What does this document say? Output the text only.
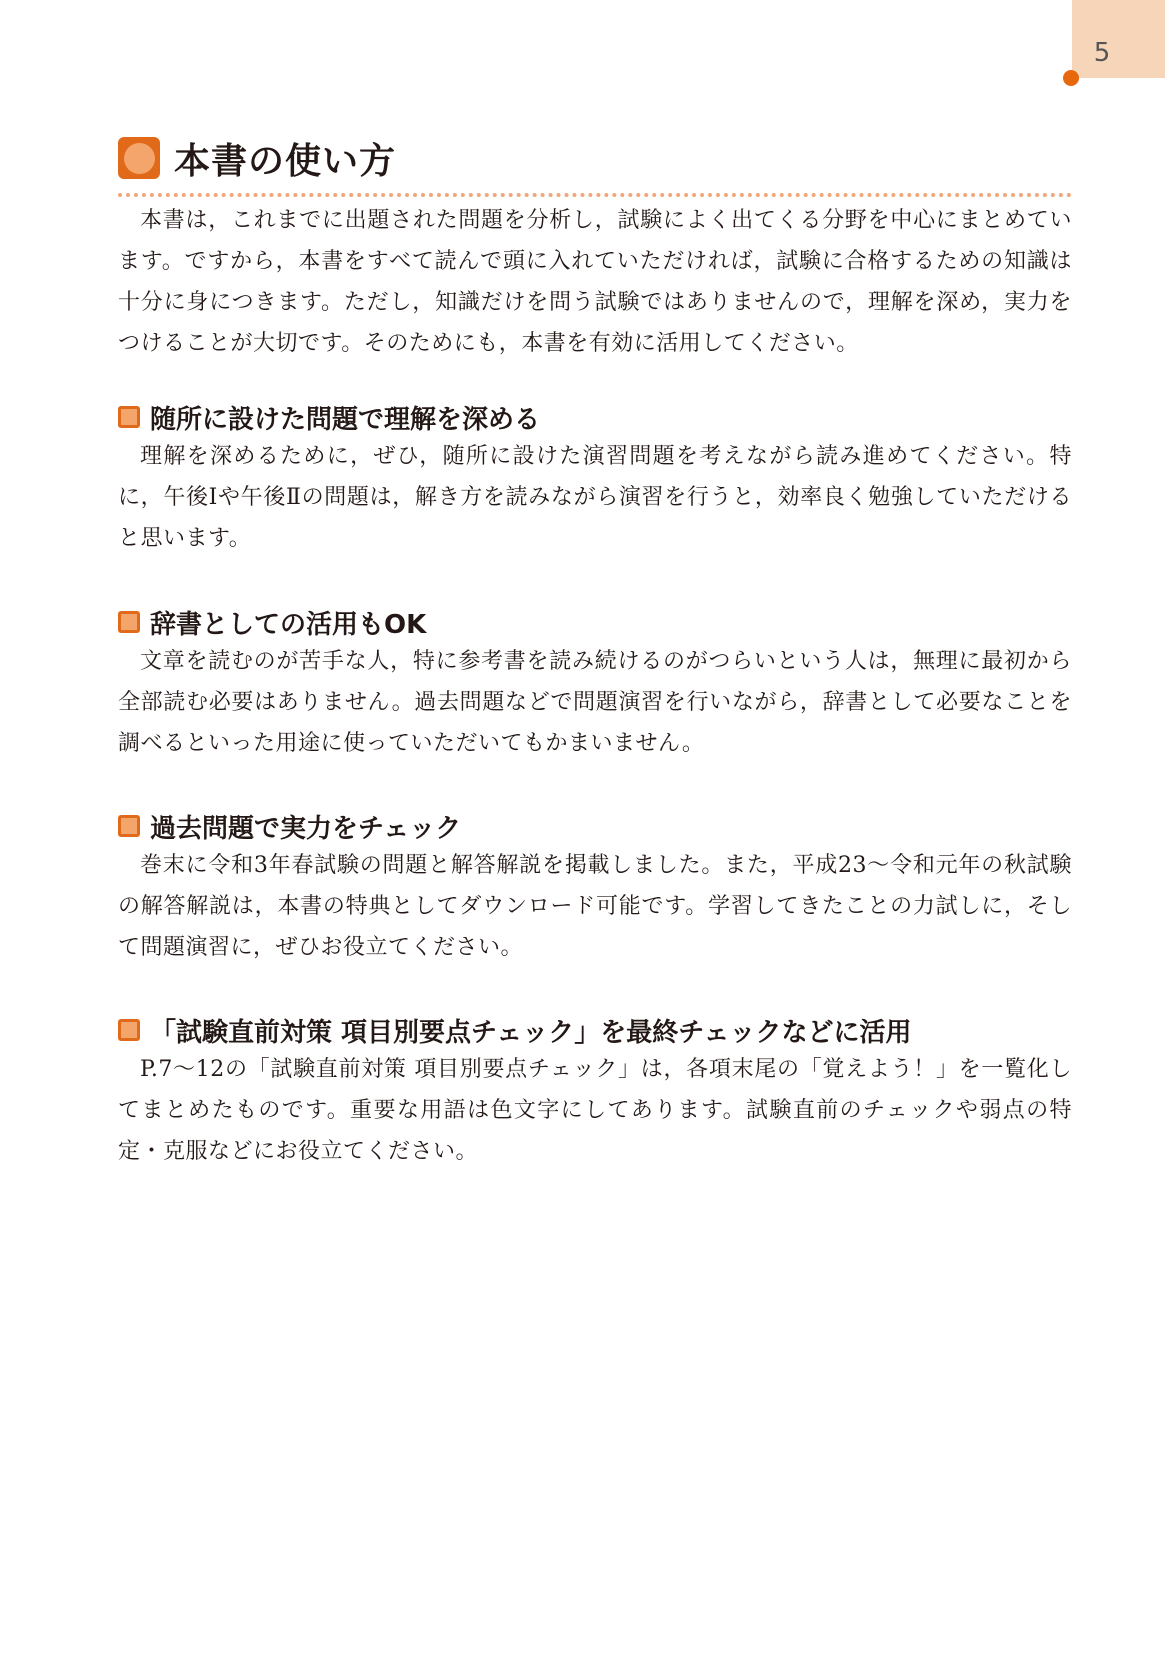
5
本書の使い方

本書は，これまでに出題された問題を分析し，試験によく出てくる分野を中心にまとめています。ですから，本書をすべて読んで頭に入れていただければ，試験に合格するための知識は十分に身につきます。ただし，知識だけを問う試験ではありませんので，理解を深め，実力をつけることが大切です。そのためにも，本書を有効に活用してください。

随所に設けた問題で理解を深める

理解を深めるために，ぜひ，随所に設けた演習問題を考えながら読み進めてください。特に，午後Ⅰや午後Ⅱの問題は，解き方を読みながら演習を行うと，効率良く勉強していただけると思います。

辞書としての活用もOK

文章を読むのが苦手な人，特に参考書を読み続けるのがつらいという人は，無理に最初から全部読む必要はありません。過去問題などで問題演習を行いながら，辞書として必要なことを調べるといった用途に使っていただいてもかまいません。

過去問題で実力をチェック

巻末に令和3年春試験の問題と解答解説を掲載しました。また，平成23～令和元年の秋試験の解答解説は，本書の特典としてダウンロード可能です。学習してきたことの力試しに，そして問題演習に，ぜひお役立てください。

「試験直前対策 項目別要点チェック」を最終チェックなどに活用

P.7～12の「試験直前対策 項目別要点チェック」は，各項末尾の「覚えよう！」を一覧化してまとめたものです。重要な用語は色文字にしてあります。試験直前のチェックや弱点の特定・克服などにお役立てください。
